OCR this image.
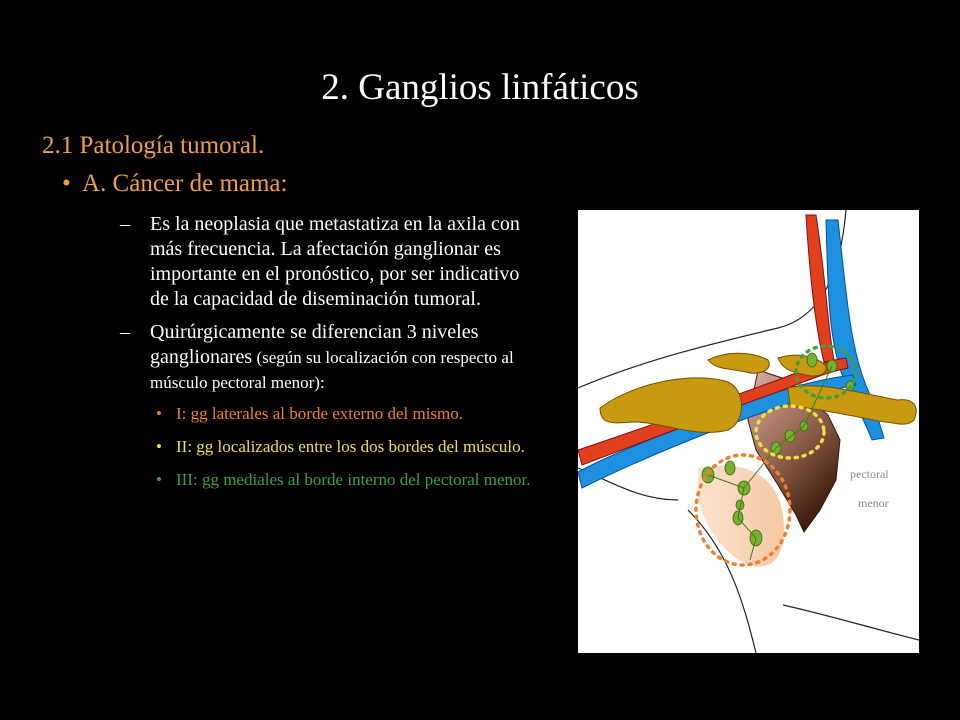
2. Ganglios linfáticos
2.1 Patología tumoral.
• A. Cáncer de mama:
– Es la neoplasia que metastatiza en la axila con más frecuencia. La afectación ganglionar es importante en el pronóstico, por ser indicativo de la capacidad de diseminación tumoral.
– Quirúrgicamente se diferencian 3 niveles ganglionares (según su localización con respecto al músculo pectoral menor):
• I: gg laterales al borde externo del mismo.
• II: gg localizados entre los dos bordes del músculo.
• III: gg mediales al borde interno del pectoral menor.	pectoral
menor
